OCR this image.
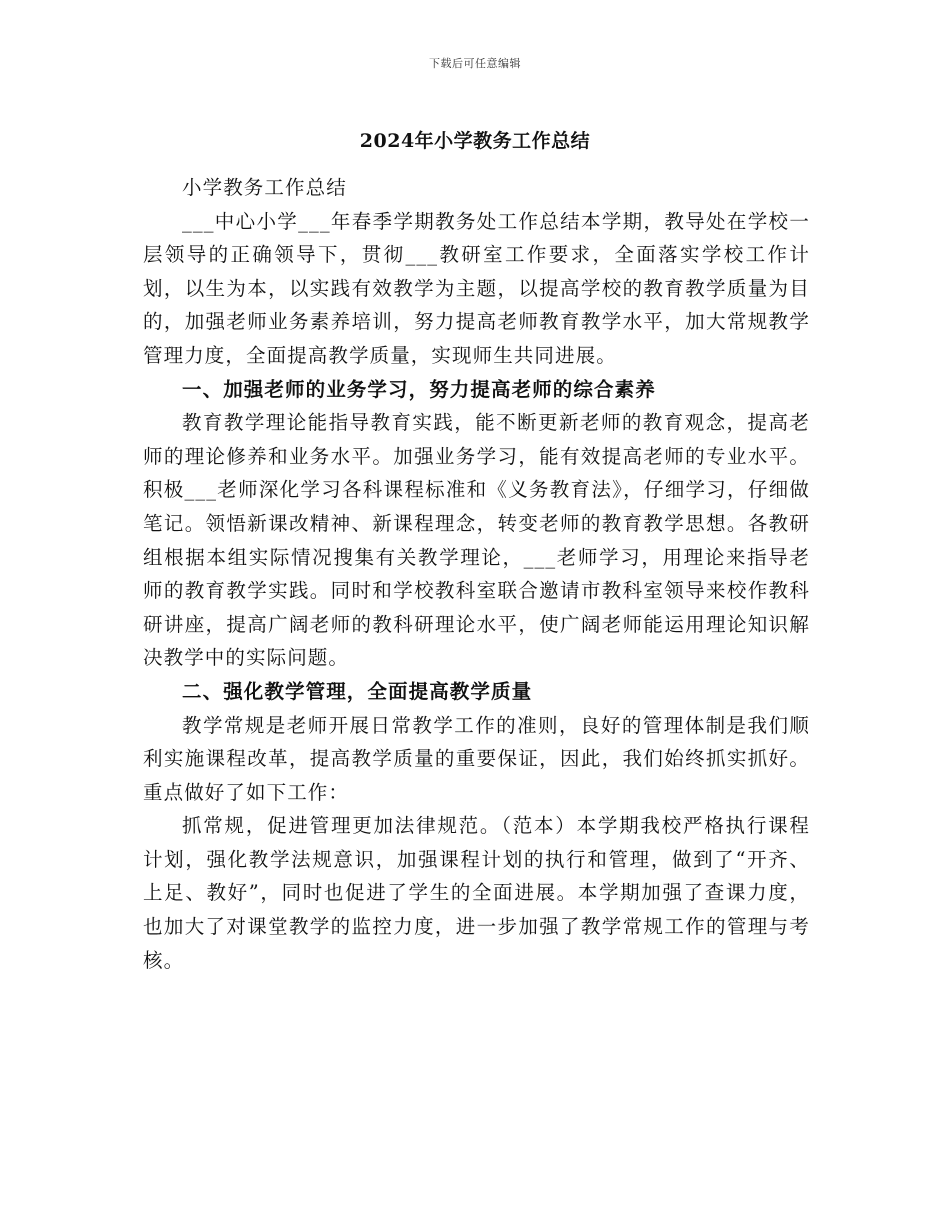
下载后可任意编辑
2024年小学教务工作总结

小学教务工作总结

___中心小学___年春季学期教务处工作总结本学期，教导处在学校一层领导的正确领导下，贯彻___教研室工作要求，全面落实学校工作计划，以生为本，以实践有效教学为主题，以提高学校的教育教学质量为目的，加强老师业务素养培训，努力提高老师教育教学水平，加大常规教学管理力度，全面提高教学质量，实现师生共同进展。

一、加强老师的业务学习，努力提高老师的综合素养

教育教学理论能指导教育实践，能不断更新老师的教育观念，提高老师的理论修养和业务水平。加强业务学习，能有效提高老师的专业水平。积极___老师深化学习各科课程标准和《义务教育法》，仔细学习，仔细做笔记。领悟新课改精神、新课程理念，转变老师的教育教学思想。各教研组根据本组实际情况搜集有关教学理论，___老师学习，用理论来指导老师的教育教学实践。同时和学校教科室联合邀请市教科室领导来校作教科研讲座，提高广阔老师的教科研理论水平，使广阔老师能运用理论知识解决教学中的实际问题。

二、强化教学管理，全面提高教学质量

教学常规是老师开展日常教学工作的准则，良好的管理体制是我们顺利实施课程改革，提高教学质量的重要保证，因此，我们始终抓实抓好。重点做好了如下工作：

抓常规，促进管理更加法律规范。（范本）本学期我校严格执行课程计划，强化教学法规意识，加强课程计划的执行和管理，做到了“开齐、上足、教好”，同时也促进了学生的全面进展。本学期加强了查课力度，也加大了对课堂教学的监控力度，进一步加强了教学常规工作的管理与考核。
